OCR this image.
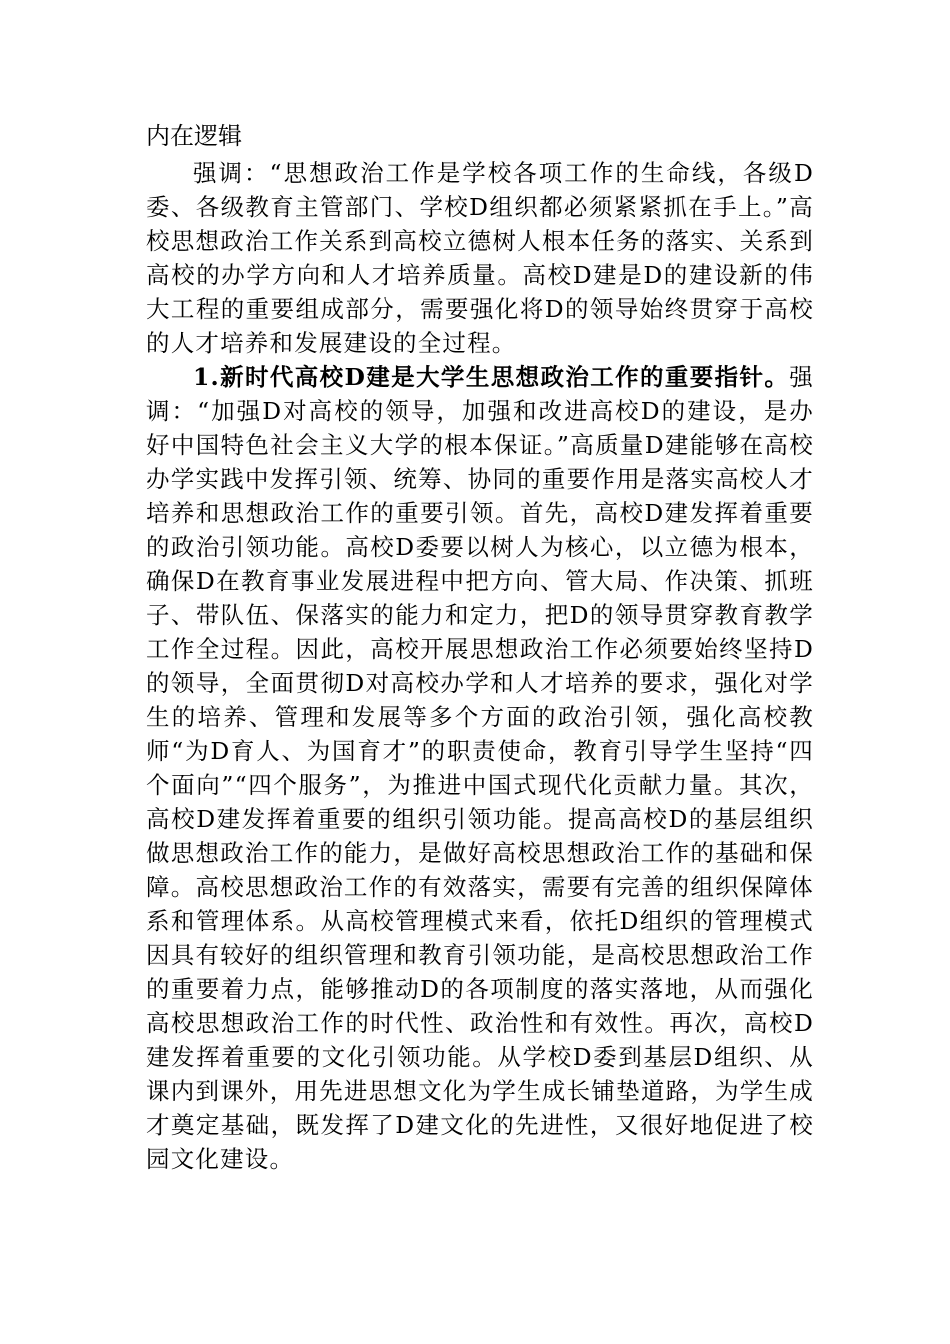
内在逻辑

强调：“思想政治工作是学校各项工作的生命线，各级D委、各级教育主管部门、学校D组织都必须紧紧抓在手上。”高校思想政治工作关系到高校立德树人根本任务的落实、关系到高校的办学方向和人才培养质量。高校D建是D的建设新的伟大工程的重要组成部分，需要强化将D的领导始终贯穿于高校的人才培养和发展建设的全过程。

1.新时代高校D建是大学生思想政治工作的重要指针。强调：“加强D对高校的领导，加强和改进高校D的建设，是办好中国特色社会主义大学的根本保证。”高质量D建能够在高校办学实践中发挥引领、统筹、协同的重要作用是落实高校人才培养和思想政治工作的重要引领。首先，高校D建发挥着重要的政治引领功能。高校D委要以树人为核心，以立德为根本，确保D在教育事业发展进程中把方向、管大局、作决策、抓班子、带队伍、保落实的能力和定力，把D的领导贯穿教育教学工作全过程。因此，高校开展思想政治工作必须要始终坚持D的领导，全面贯彻D对高校办学和人才培养的要求，强化对学生的培养、管理和发展等多个方面的政治引领，强化高校教师“为D育人、为国育才”的职责使命，教育引导学生坚持“四个面向”“四个服务”，为推进中国式现代化贡献力量。其次，高校D建发挥着重要的组织引领功能。提高高校D的基层组织做思想政治工作的能力，是做好高校思想政治工作的基础和保障。高校思想政治工作的有效落实，需要有完善的组织保障体系和管理体系。从高校管理模式来看，依托D组织的管理模式因具有较好的组织管理和教育引领功能，是高校思想政治工作的重要着力点，能够推动D的各项制度的落实落地，从而强化高校思想政治工作的时代性、政治性和有效性。再次，高校D建发挥着重要的文化引领功能。从学校D委到基层D组织、从课内到课外，用先进思想文化为学生成长铺垫道路，为学生成才奠定基础，既发挥了D建文化的先进性，又很好地促进了校园文化建设。
